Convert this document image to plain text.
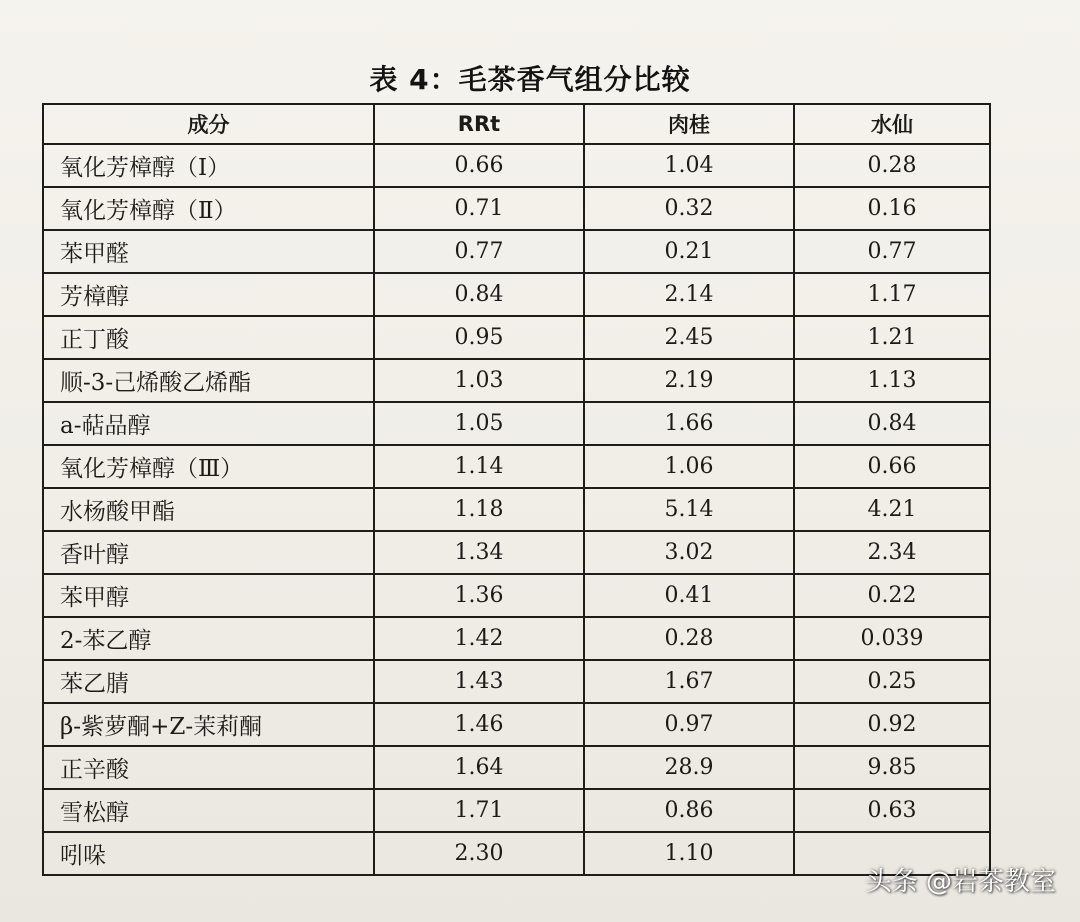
表 4：毛茶香气组分比较
成分	RRt	肉桂	水仙
氧化芳樟醇（Ⅰ）	0.66	1.04	0.28
氧化芳樟醇（Ⅱ）	0.71	0.32	0.16
苯甲醛	0.77	0.21	0.77
芳樟醇	0.84	2.14	1.17
正丁酸	0.95	2.45	1.21
顺-3-己烯酸乙烯酯	1.03	2.19	1.13
a-萜品醇	1.05	1.66	0.84
氧化芳樟醇（Ⅲ）	1.14	1.06	0.66
水杨酸甲酯	1.18	5.14	4.21
香叶醇	1.34	3.02	2.34
苯甲醇	1.36	0.41	0.22
2-苯乙醇	1.42	0.28	0.039
苯乙腈	1.43	1.67	0.25
β-紫萝酮+Z-茉莉酮	1.46	0.97	0.92
正辛酸	1.64	28.9	9.85
雪松醇	1.71	0.86	0.63
吲哚	2.30	1.10	
头条 @岩茶教室
